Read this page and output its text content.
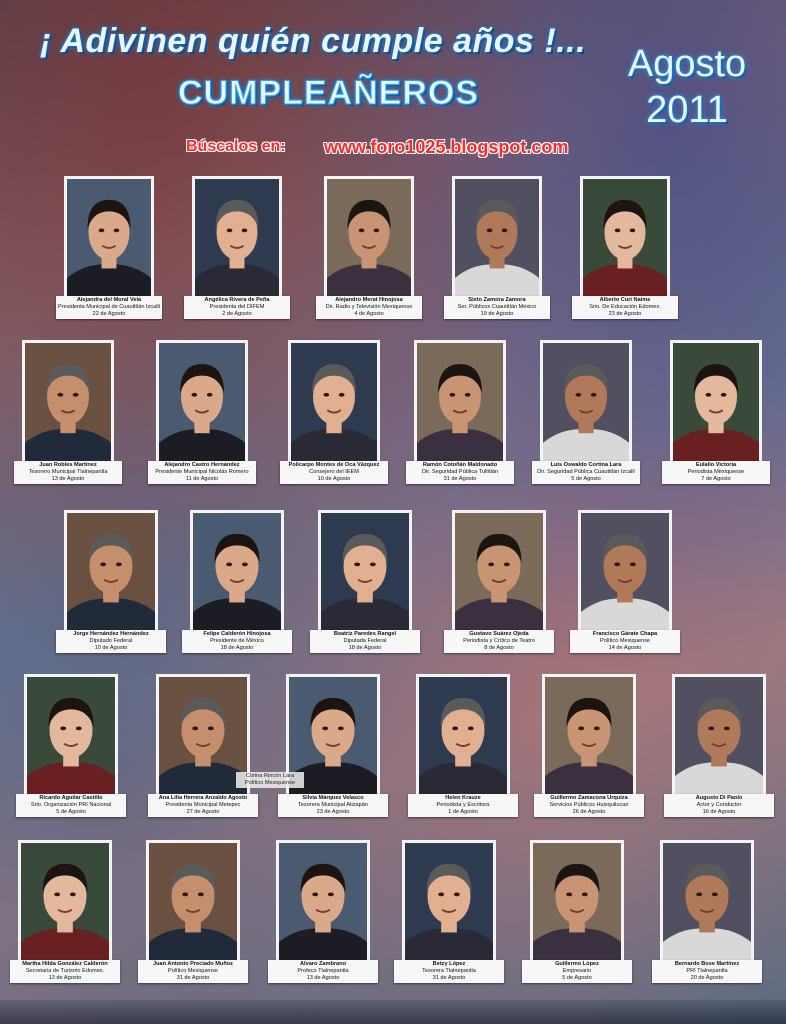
¡ Adivinen quién cumple años !...
CUMPLEAÑEROS
Agosto
2011
Búscalos en: www.foro1025.blogspot.com
Alejandra del Moral Vela
Presidenta Municipal de Cuautitlán Izcalli
22 de Agosto
Angélica Rivera de Peña
Presidenta del DIFEM
2 de Agosto
Alejandro Merat Hinojosa
Dir. Radio y Televisión Mexiquense
4 de Agosto
Sixto Zamora Zamora
Ser. Públicos Cuautitlán México
19 de Agosto
Alberto Curi Naime
Srio. De Educación Edomex.
23 de Agosto
Juan Robles Martínez
Tesorero Municipal Tlalnepantla
13 de Agosto
Alejandro Castro Hernández
Presidente Municipal Nicolás Romero
11 de Agosto
Policarpo Montes de Oca Vázquez
Consejero del IEEM
10 de Agosto
Ramón Cotoñán Maldonado
Dir. Seguridad Pública Tultitlán
31 de Agosto
Luis Oswaldo Cortina Lara
Dir. Seguridad Pública Cuautitlán Izcalli
5 de Agosto
Eulalio Victoria
Periodista Mexiquense
7 de Agosto
Jorge Hernández Hernández
Diputado Federal
10 de Agosto
Felipe Calderón Hinojosa
Presidente de México
18 de Agosto
Beatriz Paredes Rangel
Diputada Federal
18 de Agosto
Gustavo Suárez Ojeda
Periodista y Crítico de Teatro
8 de Agosto
Francisco Gárate Chapa
Político Mexiquense
14 de Agosto
Ricardo Aguilar Castillo
Srio. Organización PRI Nacional
5 de Agosto
Ana Lilia Herrera Anzaldo Agosto
Presidenta Municipal Metepec
27 de Agosto
Silvia Márquez Velasco
Tesorera Municipal Atizapán
23 de Agosto
Helen Krauze
Periodista y Escritora
1 de Agosto
Guillermo Zamacona Urquiza
Servicios Públicos Huixquilucan
26 de Agosto
Augusto Di Paolo
Actor y Conductor
16 de Agosto
Martha Hilda González Calderón
Secretaria de Turismo Edomex.
13 de Agosto
Juan Antonio Preciado Muñoz
Político Mexiquense
31 de Agosto
Álvaro Zambrano
Profeco Tlalnepantla
13 de Agosto
Betzy López
Tesorera Tlalnepantla
31 de Agosto
Guillermo López
Empresario
5 de Agosto
Bernardo Bose Martínez
PRI Tlalnepantla
20 de Agosto
Corina Rincón Lara Político Mexiquense
